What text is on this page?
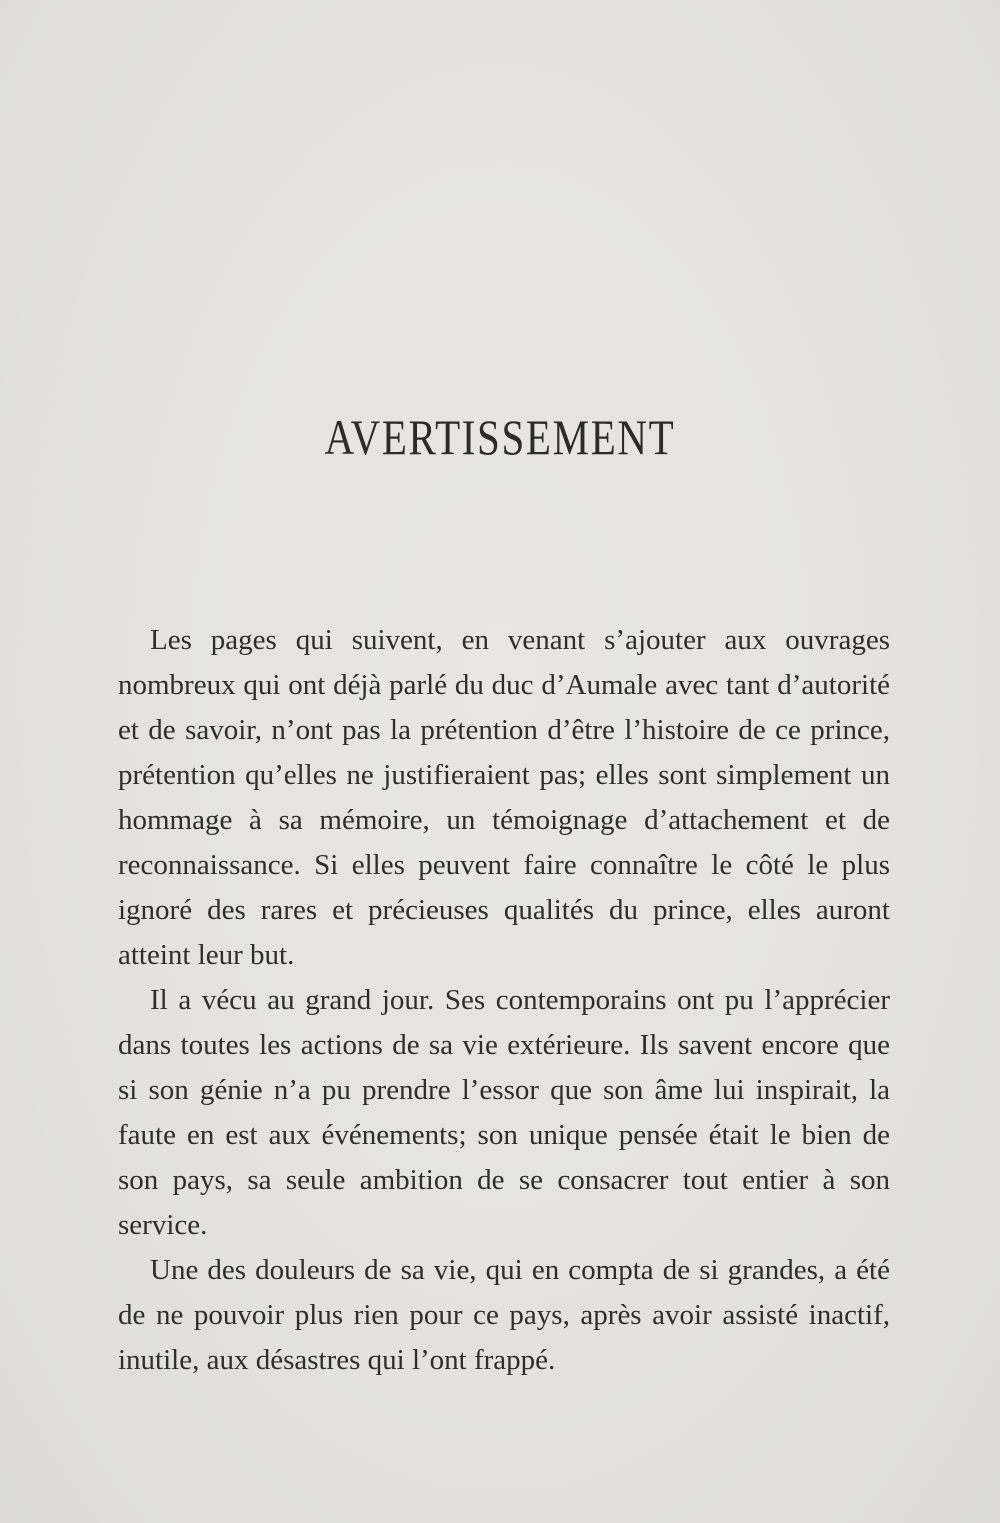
AVERTISSEMENT

Les pages qui suivent, en venant s’ajouter aux ouvrages nombreux qui ont déjà parlé du duc d’Aumale avec tant d’autorité et de savoir, n’ont pas la prétention d’être l’histoire de ce prince, prétention qu’elles ne justifieraient pas; elles sont simplement un hommage à sa mémoire, un témoignage d’attachement et de reconnaissance. Si elles peuvent faire connaître le côté le plus ignoré des rares et précieuses qualités du prince, elles auront atteint leur but.

Il a vécu au grand jour. Ses contemporains ont pu l’apprécier dans toutes les actions de sa vie extérieure. Ils savent encore que si son génie n’a pu prendre l’essor que son âme lui inspirait, la faute en est aux événements; son unique pensée était le bien de son pays, sa seule ambition de se consacrer tout entier à son service.

Une des douleurs de sa vie, qui en compta de si grandes, a été de ne pouvoir plus rien pour ce pays, après avoir assisté inactif, inutile, aux désastres qui l’ont frappé.
